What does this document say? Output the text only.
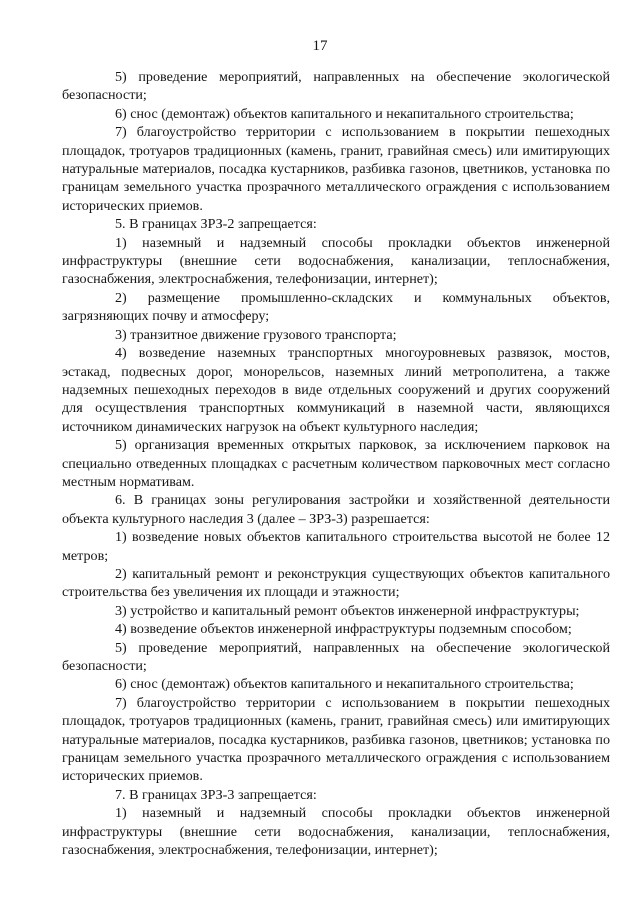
17

5) проведение мероприятий, направленных на обеспечение экологической безопасности;

6) снос (демонтаж) объектов капитального и некапитального строительства;

7) благоустройство территории с использованием в покрытии пешеходных площадок, тротуаров традиционных (камень, гранит, гравийная смесь) или имитирующих натуральные материалов, посадка кустарников, разбивка газонов, цветников, установка по границам земельного участка прозрачного металлического ограждения с использованием исторических приемов.

5. В границах ЗРЗ-2 запрещается:

1) наземный и надземный способы прокладки объектов инженерной инфраструктуры (внешние сети водоснабжения, канализации, теплоснабжения, газоснабжения, электроснабжения, телефонизации, интернет);

2) размещение промышленно-складских и коммунальных объектов, загрязняющих почву и атмосферу;

3) транзитное движение грузового транспорта;

4) возведение наземных транспортных многоуровневых развязок, мостов, эстакад, подвесных дорог, монорельсов, наземных линий метрополитена, а также надземных пешеходных переходов в виде отдельных сооружений и других сооружений для осуществления транспортных коммуникаций в наземной части, являющихся источником динамических нагрузок на объект культурного наследия;

5) организация временных открытых парковок, за исключением парковок на специально отведенных площадках с расчетным количеством парковочных мест согласно местным нормативам.

6. В границах зоны регулирования застройки и хозяйственной деятельности объекта культурного наследия 3 (далее – ЗРЗ-3) разрешается:

1) возведение новых объектов капитального строительства высотой не более 12 метров;

2) капитальный ремонт и реконструкция существующих объектов капитального строительства без увеличения их площади и этажности;

3) устройство и капитальный ремонт объектов инженерной инфраструктуры;

4) возведение объектов инженерной инфраструктуры подземным способом;

5) проведение мероприятий, направленных на обеспечение экологической безопасности;

6) снос (демонтаж) объектов капитального и некапитального строительства;

7) благоустройство территории с использованием в покрытии пешеходных площадок, тротуаров традиционных (камень, гранит, гравийная смесь) или имитирующих натуральные материалов, посадка кустарников, разбивка газонов, цветников; установка по границам земельного участка прозрачного металлического ограждения с использованием исторических приемов.

7. В границах ЗРЗ-3 запрещается:

1) наземный и надземный способы прокладки объектов инженерной инфраструктуры (внешние сети водоснабжения, канализации, теплоснабжения, газоснабжения, электроснабжения, телефонизации, интернет);
